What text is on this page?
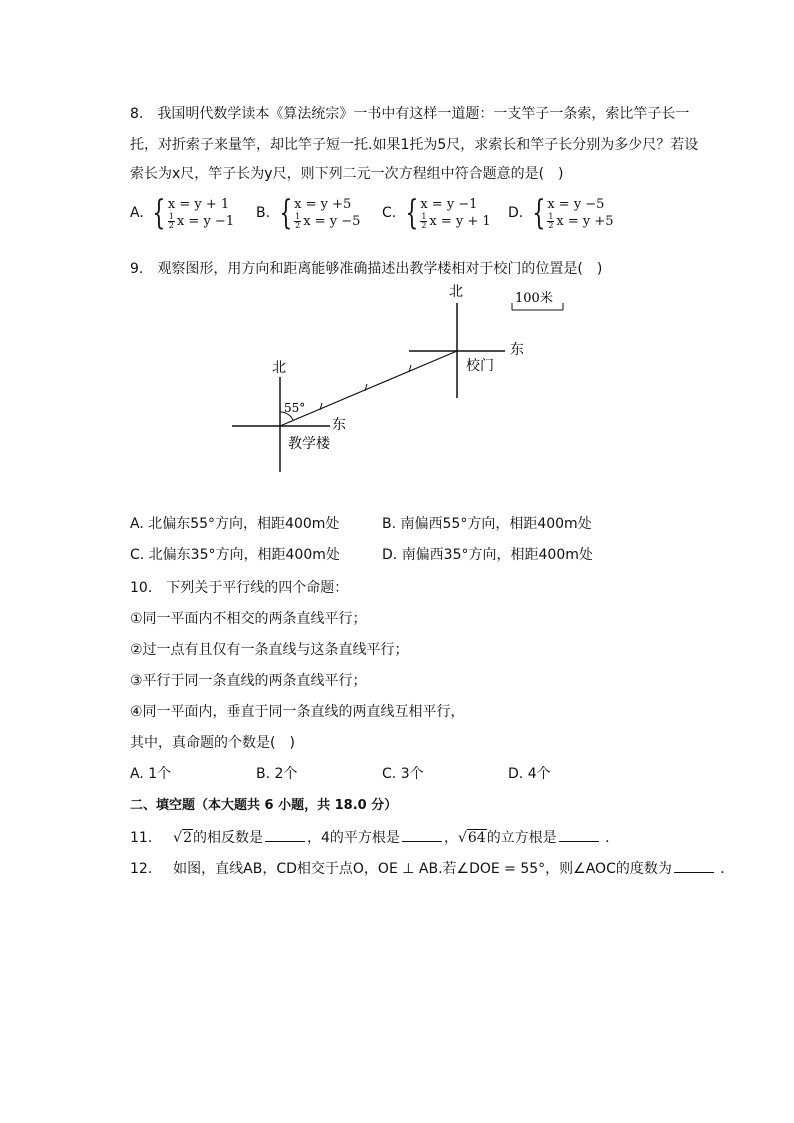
8.　我国明代数学读本《算法统宗》一书中有这样一道题：一支竿子一条索，索比竿子长一
托，对折索子来量竿，却比竿子短一托.如果1托为5尺，求索长和竿子长分别为多少尺？若设
索长为x尺，竿子长为y尺，则下列二元一次方程组中符合题意的是(　)
A. { x = y + 1
$\frac{1}{2}$ x = y −1
B. { x = y +5
$\frac{1}{2}$ x = y −5
C. { x = y −1
$\frac{1}{2}$ x = y + 1
D. { x = y −5
$\frac{1}{2}$ x = y +5
9.　观察图形，用方向和距离能够准确描述出教学楼相对于校门的位置是(　)
北
东
校门
100米
北
东
教学楼
55°
A. 北偏东55°方向，相距400m处	B. 南偏西55°方向，相距400m处
C. 北偏东35°方向，相距400m处	D. 南偏西35°方向，相距400m处
10.　下列关于平行线的四个命题：
①同一平面内不相交的两条直线平行；
②过一点有且仅有一条直线与这条直线平行；
③平行于同一条直线的两条直线平行；
④同一平面内，垂直于同一条直线的两直线互相平行，
其中，真命题的个数是(　)
A. 1个	B. 2个	C. 3个	D. 4个
二、填空题（本大题共 6 小题，共 18.0 分）
11. √2的相反数是	，4的平方根是	，√64的立方根是	．
12. 如图，直线AB，CD相交于点O，OE ⊥ AB.若∠DOE = 55°，则∠AOC的度数为	．
